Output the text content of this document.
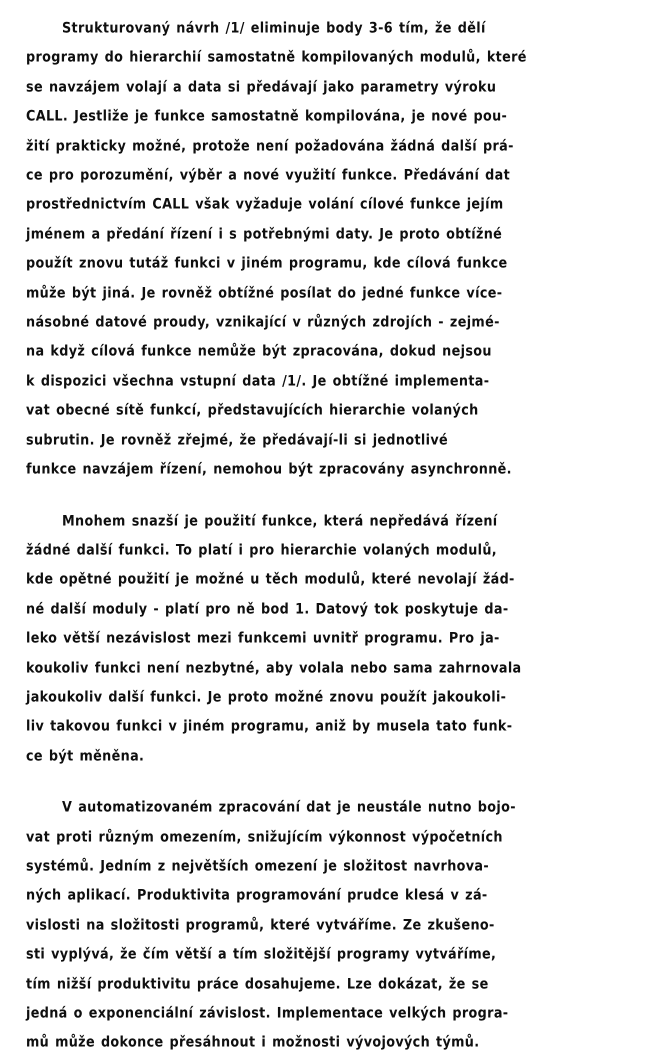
Strukturovaný návrh /1/ eliminuje body 3-6 tím, že dělí
programy do hierarchií samostatně kompilovaných modulů, které
se navzájem volají a data si předávají jako parametry výroku
CALL. Jestliže je funkce samostatně kompilována, je nové pou-
žití prakticky možné, protože není požadována žádná další prá-
ce pro porozumění, výběr a nové využití funkce. Předávání dat
prostřednictvím CALL však vyžaduje volání cílové funkce jejím
jménem a předání řízení i s potřebnými daty. Je proto obtížné
použít znovu tutáž funkci v jiném programu, kde cílová funkce
může být jiná. Je rovněž obtížné posílat do jedné funkce více-
násobné datové proudy, vznikající v různých zdrojích - zejmé-
na když cílová funkce nemůže být zpracována, dokud nejsou
k dispozici všechna vstupní data /1/. Je obtížné implementa-
vat obecné sítě funkcí, představujících hierarchie volaných
subrutin. Je rovněž zřejmé, že předávají-li si jednotlivé
funkce navzájem řízení, nemohou být zpracovány asynchronně.
Mnohem snazší je použití funkce, která nepředává řízení
žádné další funkci. To platí i pro hierarchie volaných modulů,
kde opětné použití je možné u těch modulů, které nevolají žád-
né další moduly - platí pro ně bod 1. Datový tok poskytuje da-
leko větší nezávislost mezi funkcemi uvnitř programu. Pro ja-
koukoliv funkci není nezbytné, aby volala nebo sama zahrnovala
jakoukoliv další funkci. Je proto možné znovu použít jakoukoli-
liv takovou funkci v jiném programu, aniž by musela tato funk-
ce být měněna.
V automatizovaném zpracování dat je neustále nutno bojo-
vat proti různým omezením, snižujícím výkonnost výpočetních
systémů. Jedním z největších omezení je složitost navrhova-
ných aplikací. Produktivita programování prudce klesá v zá-
vislosti na složitosti programů, které vytváříme. Ze zkušeno-
sti vyplývá, že čím větší a tím složitější programy vytváříme,
tím nižší produktivitu práce dosahujeme. Lze dokázat, že se
jedná o exponenciální závislost. Implementace velkých progra-
mů může dokonce přesáhnout i možnosti vývojových týmů.
